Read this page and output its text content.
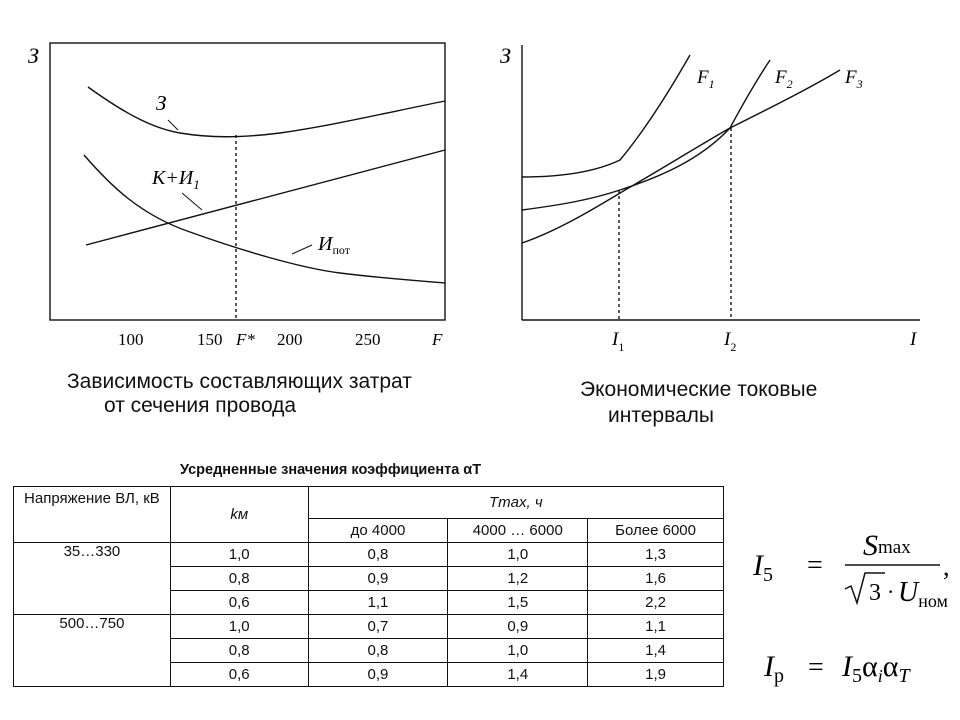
З
З
$К+И_1$
$И_{пот}$
100	150 F* 200	250	F
Зависимость составляющих затрат
от сечения провода
З
$F_1$	$F_2$	$F_3$
$I_1$	$I_2$	I
Экономические токовые
интервалы
Усредненные значения коэффициента αT
Напряжение ВЛ, кВ	kм	Tmax, ч		
		до 4000	4000 … 6000	Более 6000
35…330	1,0	0,8	1,0	1,3
	0,8	0,9	1,2	1,6
	0,6	1,1	1,5	2,2
500…750	1,0	0,7	0,9	1,1
	0,8	0,8	1,0	1,4
	0,6	0,9	1,4	1,9
$I_5$ =
Smax
$3 \cdot U_{ном}$
,
$I_р = I_5\alpha_i\alpha_T$
